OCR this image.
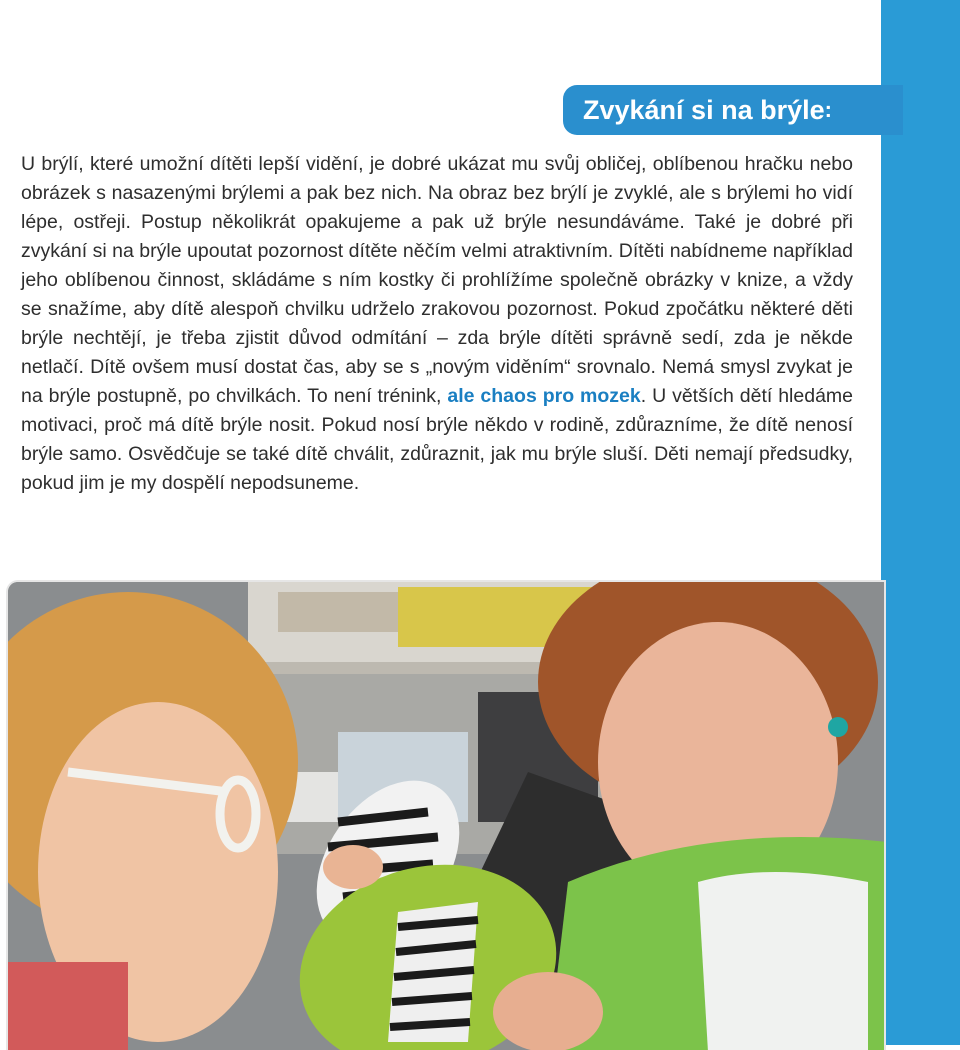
Zvykání si na brýle :

U brýlí, které umožní dítěti lepší vidění, je dobré ukázat mu svůj obličej, oblíbenou hračku nebo obrázek s nasazenými brýlemi a pak bez nich. Na obraz bez brýlí je zvyklé, ale s brýlemi ho vidí lépe, ostřeji. Postup několikrát opakujeme a pak už brýle nesundáváme. Také je dobré při zvykání si na brýle upoutat pozornost dítěte něčím velmi atraktivním. Dítěti nabídneme například jeho oblíbenou činnost, skládáme s ním kostky či prohlížíme společně obrázky v knize, a vždy se snažíme, aby dítě alespoň chvilku udrželo zrakovou pozornost. Pokud zpočátku některé děti brýle nechtějí, je třeba zjistit důvod odmítání – zda brýle dítěti správně sedí, zda je někde netlačí. Dítě ovšem musí dostat čas, aby se s „novým viděním“ srovnalo. Nemá smysl zvykat je na brýle postupně, po chvilkách. To není trénink, ale chaos pro mozek. U větších dětí hledáme motivaci, proč má dítě brýle nosit. Pokud nosí brýle někdo v rodině, zdůrazníme, že dítě nenosí brýle samo. Osvědčuje se také dítě chválit, zdůraznit, jak mu brýle sluší. Děti nemají předsudky, pokud jim je my dospělí nepodsuneme.
